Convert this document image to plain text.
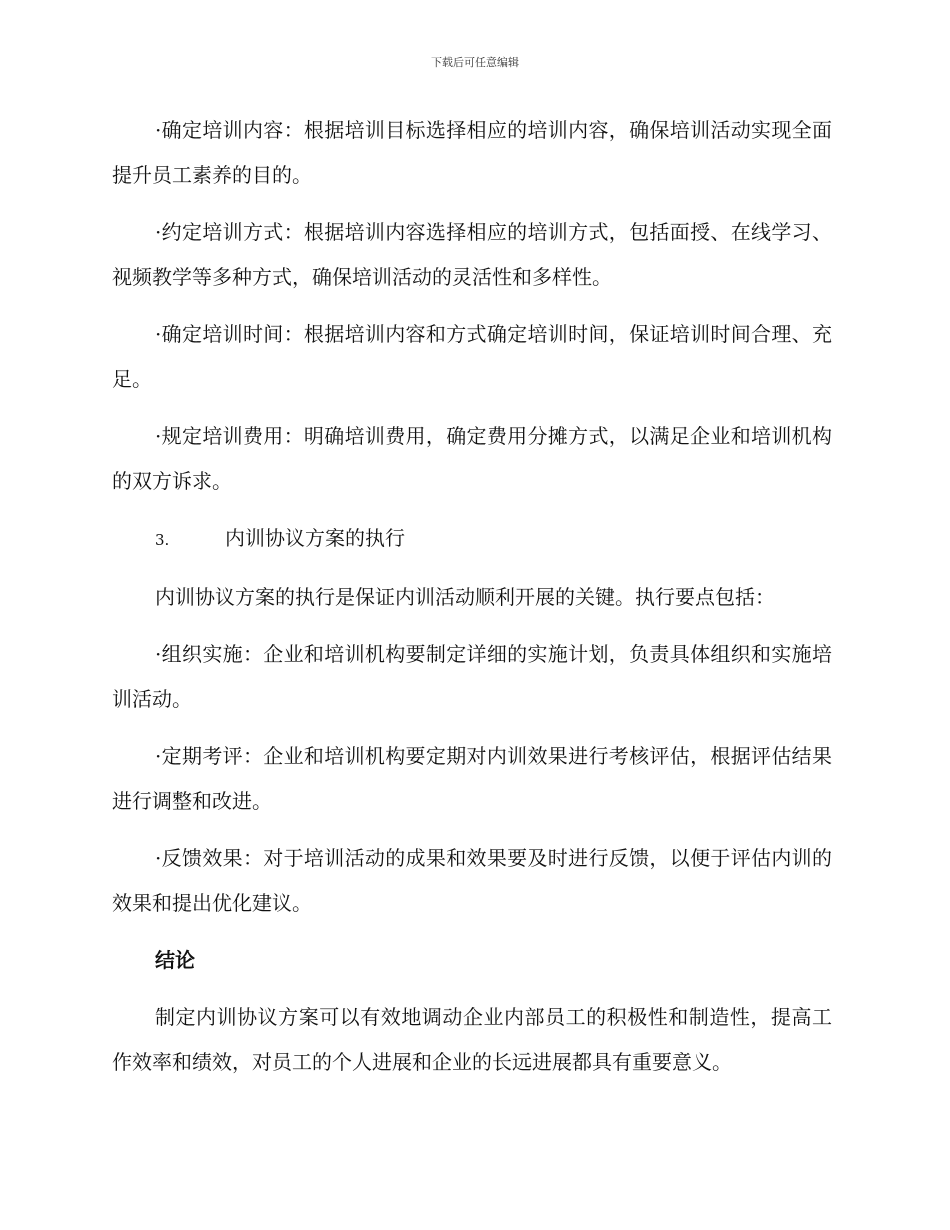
下载后可任意编辑

·确定培训内容：根据培训目标选择相应的培训内容，确保培训活动实现全面提升员工素养的目的。

·约定培训方式：根据培训内容选择相应的培训方式，包括面授、在线学习、视频教学等多种方式，确保培训活动的灵活性和多样性。

·确定培训时间：根据培训内容和方式确定培训时间，保证培训时间合理、充足。

·规定培训费用：明确培训费用，确定费用分摊方式，以满足企业和培训机构的双方诉求。

3.	内训协议方案的执行

内训协议方案的执行是保证内训活动顺利开展的关键。执行要点包括：

·组织实施：企业和培训机构要制定详细的实施计划，负责具体组织和实施培训活动。

·定期考评：企业和培训机构要定期对内训效果进行考核评估，根据评估结果进行调整和改进。

·反馈效果：对于培训活动的成果和效果要及时进行反馈，以便于评估内训的效果和提出优化建议。

结论

制定内训协议方案可以有效地调动企业内部员工的积极性和制造性，提高工作效率和绩效，对员工的个人进展和企业的长远进展都具有重要意义。
